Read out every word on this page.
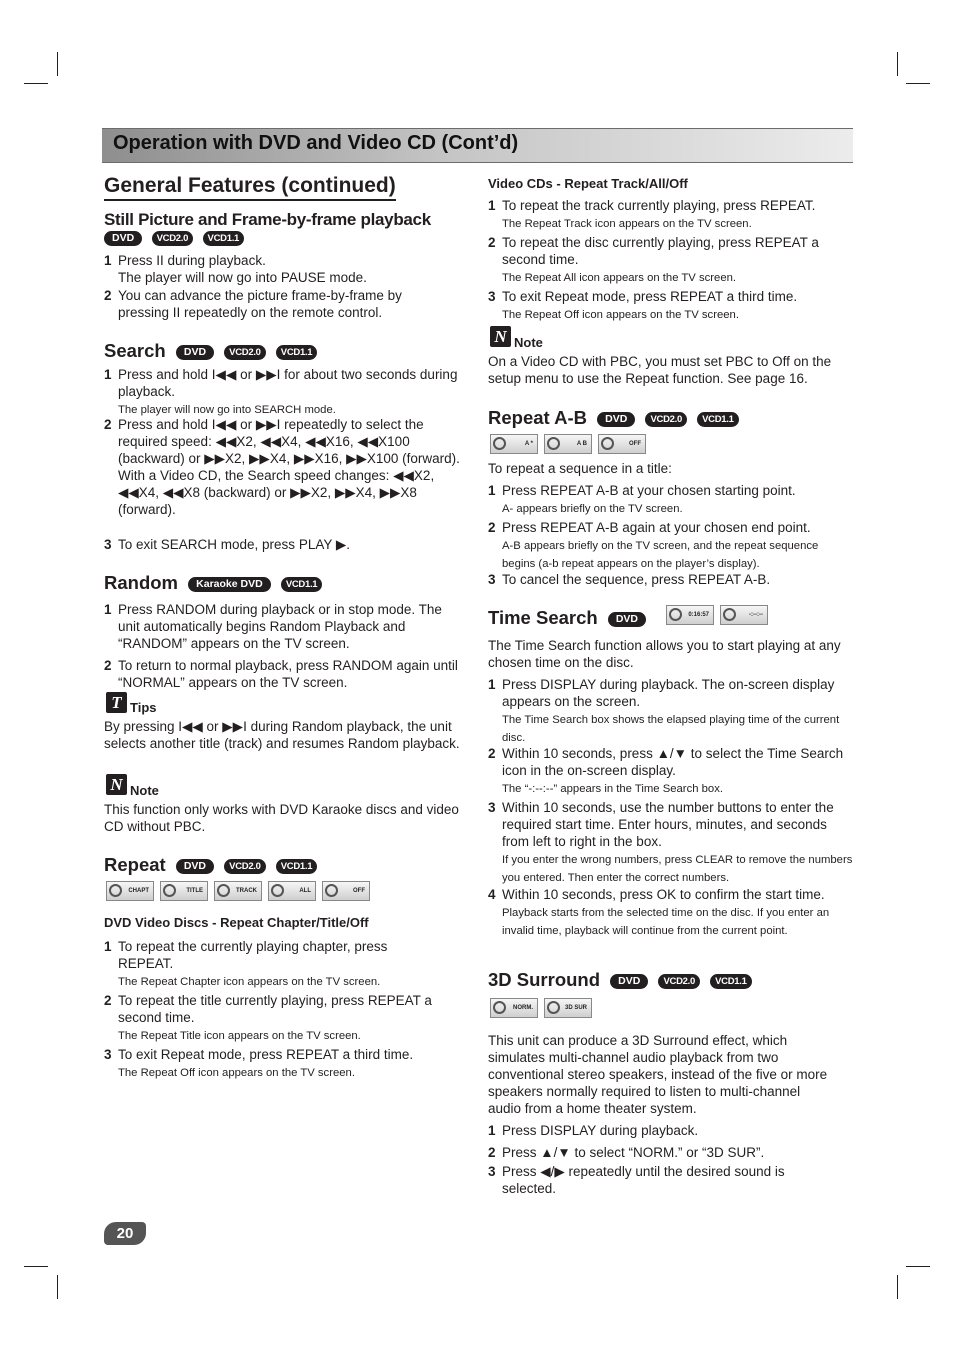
Operation with DVD and Video CD (Cont’d)
General Features (continued)
Still Picture and Frame-by-frame playback
DVD VCD2.0 VCD1.1
1 Press II during playback.
The player will now go into PAUSE mode.
2 You can advance the picture frame-by-frame by pressing II repeatedly on the remote control.
Search DVD VCD2.0 VCD1.1
1 Press and hold I◀◀ or ▶▶I for about two seconds during playback.
The player will now go into SEARCH mode.
2 Press and hold I◀◀ or ▶▶I repeatedly to select the required speed: ◀◀X2, ◀◀X4, ◀◀X16, ◀◀X100 (backward) or ▶▶X2, ▶▶X4, ▶▶X16, ▶▶X100 (forward).
With a Video CD, the Search speed changes: ◀◀X2, ◀◀X4, ◀◀X8 (backward) or ▶▶X2, ▶▶X4, ▶▶X8 (forward).
3 To exit SEARCH mode, press PLAY ▶.
Random Karaoke DVD VCD1.1
1 Press RANDOM during playback or in stop mode. The unit automatically begins Random Playback and “RANDOM” appears on the TV screen.
2 To return to normal playback, press RANDOM again until “NORMAL” appears on the TV screen.
T Tips
By pressing I◀◀ or ▶▶I during Random playback, the unit selects another title (track) and resumes Random playback.
N Note
This function only works with DVD Karaoke discs and video CD without PBC.
Repeat DVD VCD2.0 VCD1.1
CHAPT	TITLE	TRACK	ALL	OFF
DVD Video Discs - Repeat Chapter/Title/Off
1 To repeat the currently playing chapter, press REPEAT.
The Repeat Chapter icon appears on the TV screen.
2 To repeat the title currently playing, press REPEAT a second time.
The Repeat Title icon appears on the TV screen.
3 To exit Repeat mode, press REPEAT a third time.
The Repeat Off icon appears on the TV screen.
20
Video CDs - Repeat Track/All/Off
1 To repeat the track currently playing, press REPEAT.
The Repeat Track icon appears on the TV screen.
2 To repeat the disc currently playing, press REPEAT a second time.
The Repeat All icon appears on the TV screen.
3 To exit Repeat mode, press REPEAT a third time.
The Repeat Off icon appears on the TV screen.
N Note
On a Video CD with PBC, you must set PBC to Off on the setup menu to use the Repeat function. See page 16.
Repeat A-B DVD VCD2.0 VCD1.1
A *	A B	OFF
To repeat a sequence in a title:
1 Press REPEAT A-B at your chosen starting point.
A- appears briefly on the TV screen.
2 Press REPEAT A-B again at your chosen end point.
A-B appears briefly on the TV screen, and the repeat sequence begins (a-b repeat appears on the player’s display).
3 To cancel the sequence, press REPEAT A-B.
Time Search DVD	0:16:57	-:--:--
The Time Search function allows you to start playing at any chosen time on the disc.
1 Press DISPLAY during playback. The on-screen display appears on the screen.
The Time Search box shows the elapsed playing time of the current disc.
2 Within 10 seconds, press ▲/▼ to select the Time Search icon in the on-screen display.
The “-:--:--” appears in the Time Search box.
3 Within 10 seconds, use the number buttons to enter the required start time. Enter hours, minutes, and seconds from left to right in the box.
If you enter the wrong numbers, press CLEAR to remove the numbers you entered. Then enter the correct numbers.
4 Within 10 seconds, press OK to confirm the start time.
Playback starts from the selected time on the disc. If you enter an invalid time, playback will continue from the current point.
3D Surround DVD VCD2.0 VCD1.1
NORM.	3D SUR
This unit can produce a 3D Surround effect, which simulates multi-channel audio playback from two conventional stereo speakers, instead of the five or more speakers normally required to listen to multi-channel audio from a home theater system.
1 Press DISPLAY during playback.
2 Press ▲/▼ to select “NORM.” or “3D SUR”.
3 Press ◀/▶ repeatedly until the desired sound is selected.
